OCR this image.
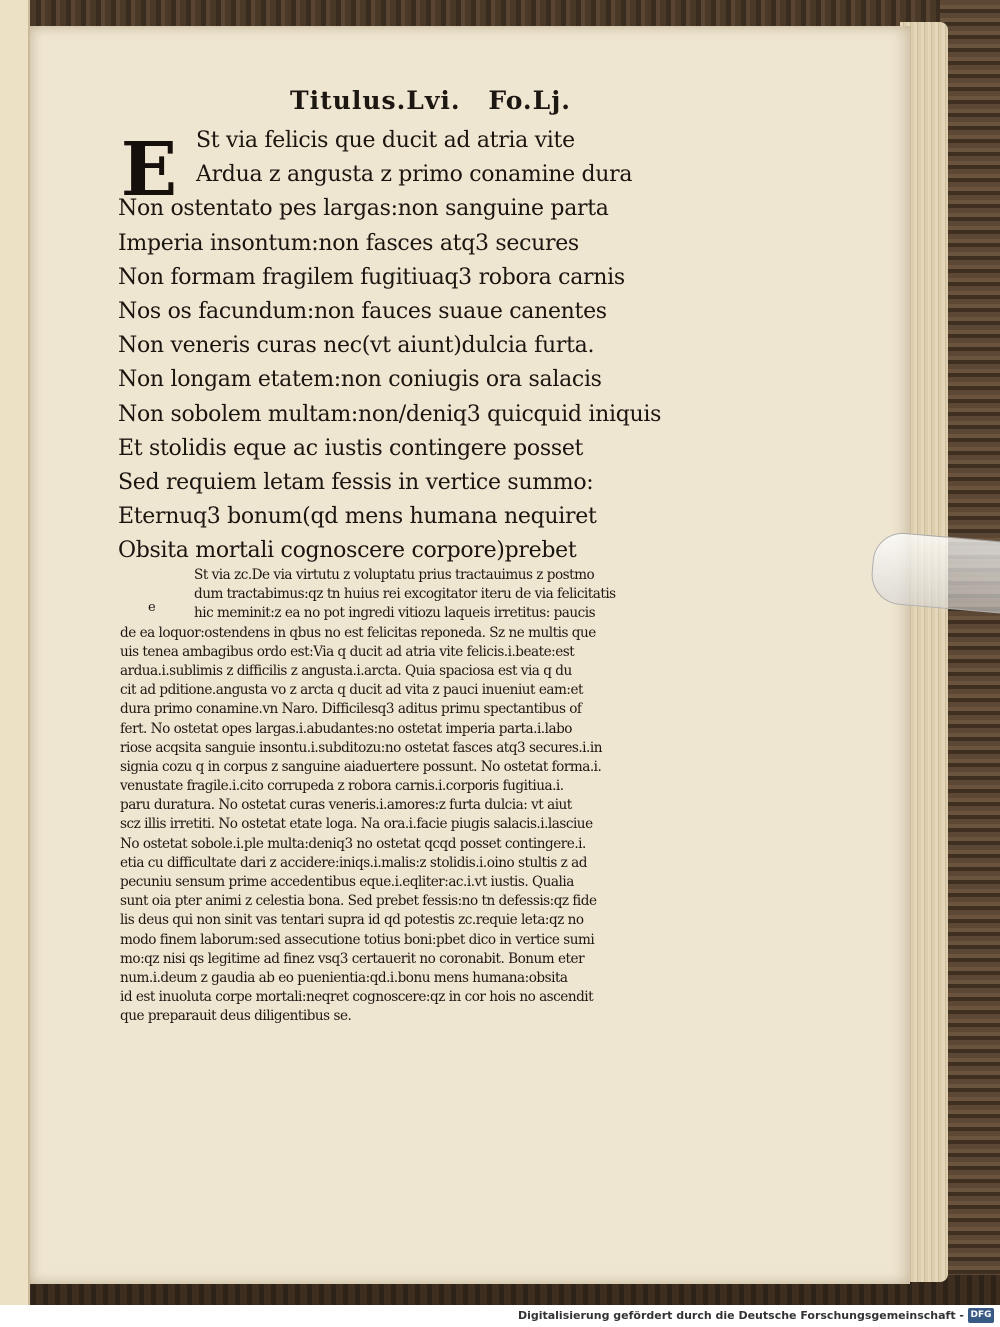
Titulus.Lvi. Fo.Lj.
E St via felicis que ducit ad atria vite
Ardua z angusta z primo conamine dura
Non ostentato pes largas:non sanguine parta
Imperia insontum:non fasces atq3 secures
Non formam fragilem fugitiuaq3 robora carnis
Nos os facundum:non fauces suaue canentes
Non veneris curas nec(vt aiunt)dulcia furta.
Non longam etatem:non coniugis ora salacis
Non sobolem multam:non/deniq3 quicquid iniquis
Et stolidis eque ac iustis contingere posset
Sed requiem letam fessis in vertice summo:
Eternuq3 bonum(qd mens humana nequiret
Obsita mortali cognoscere corpore)prebet
e

St via zc.De via virtutu z voluptatu prius tractauimus z postmo

dum tractabimus:qz tn huius rei excogitator iteru de via felicitatis

hic meminit:z ea no pot ingredi vitiozu laqueis irretitus: paucis

de ea loquor:ostendens in qbus no est felicitas reponeda. Sz ne multis que

uis tenea ambagibus ordo est:Via q ducit ad atria vite felicis.i.beate:est

ardua.i.sublimis z difficilis z angusta.i.arcta. Quia spaciosa est via q du

cit ad pditione.angusta vo z arcta q ducit ad vita z pauci inueniut eam:et

dura primo conamine.vn Naro. Difficilesq3 aditus primu spectantibus of

fert. No ostetat opes largas.i.abudantes:no ostetat imperia parta.i.labo

riose acqsita sanguie insontu.i.subditozu:no ostetat fasces atq3 secures.i.in

signia cozu q in corpus z sanguine aiaduertere possunt. No ostetat forma.i.

venustate fragile.i.cito corrupeda z robora carnis.i.corporis fugitiua.i.

paru duratura. No ostetat curas veneris.i.amores:z furta dulcia: vt aiut

scz illis irretiti. No ostetat etate loga. Na ora.i.facie piugis salacis.i.lasciue

No ostetat sobole.i.ple multa:deniq3 no ostetat qcqd posset contingere.i.

etia cu difficultate dari z accidere:iniqs.i.malis:z stolidis.i.oino stultis z ad

pecuniu sensum prime accedentibus eque.i.eqliter:ac.i.vt iustis. Qualia

sunt oia pter animi z celestia bona. Sed prebet fessis:no tn defessis:qz fide

lis deus qui non sinit vas tentari supra id qd potestis zc.requie leta:qz no

modo finem laborum:sed assecutione totius boni:pbet dico in vertice sumi

mo:qz nisi qs legitime ad finez vsq3 certauerit no coronabit. Bonum eter

num.i.deum z gaudia ab eo puenientia:qd.i.bonu mens humana:obsita

id est inuoluta corpe mortali:neqret cognoscere:qz in cor hois no ascendit

que preparauit deus diligentibus se.

Digitalisierung gefördert durch die Deutsche Forschungsgemeinschaft - DFG
